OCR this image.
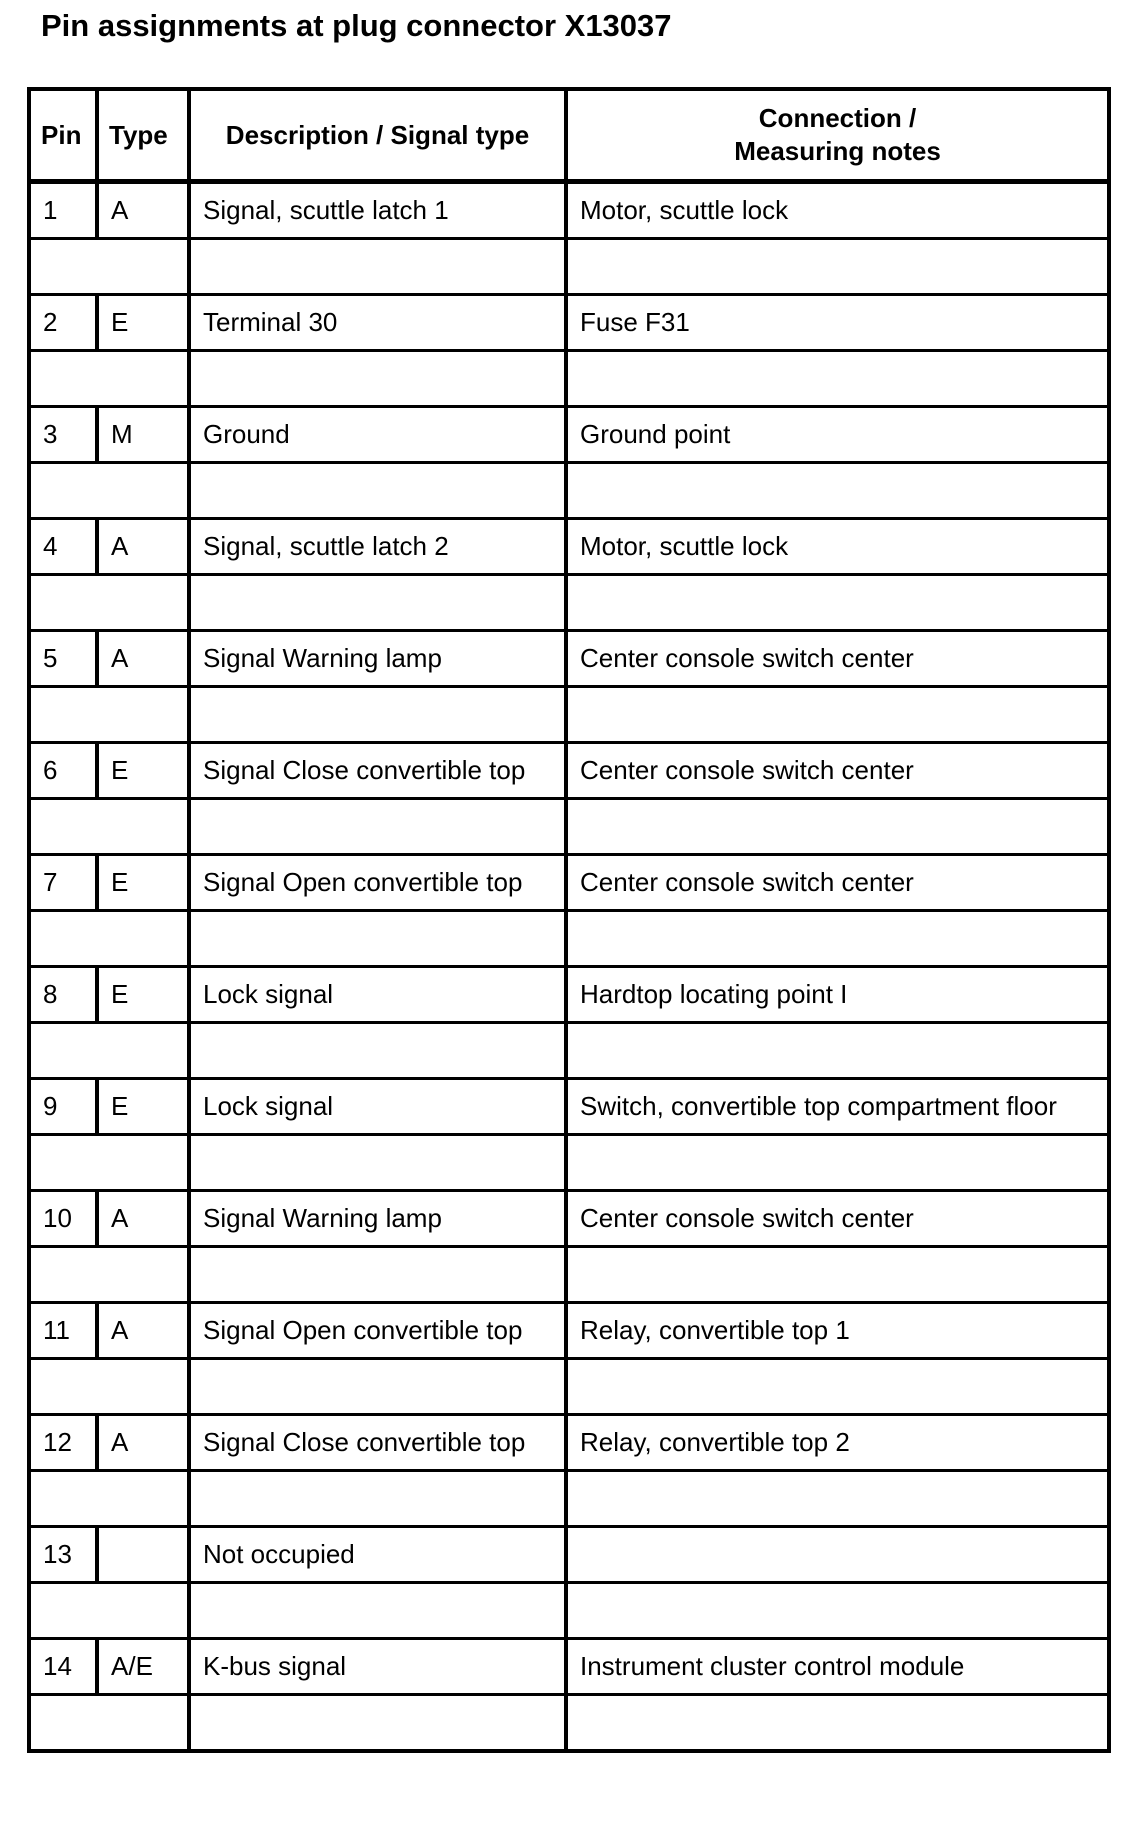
Pin assignments at plug connector X13037
Pin	Type	Description / Signal type	Connection /
Measuring notes
1	A	Signal, scuttle latch 1	Motor, scuttle lock

2	E	Terminal 30	Fuse F31

3	M	Ground	Ground point

4	A	Signal, scuttle latch 2	Motor, scuttle lock

5	A	Signal Warning lamp	Center console switch center

6	E	Signal Close convertible top	Center console switch center

7	E	Signal Open convertible top	Center console switch center

8	E	Lock signal	Hardtop locating point I

9	E	Lock signal	Switch, convertible top compartment floor

10	A	Signal Warning lamp	Center console switch center

11	A	Signal Open convertible top	Relay, convertible top 1

12	A	Signal Close convertible top	Relay, convertible top 2

13		Not occupied	

14	A/E	K-bus signal	Instrument cluster control module
